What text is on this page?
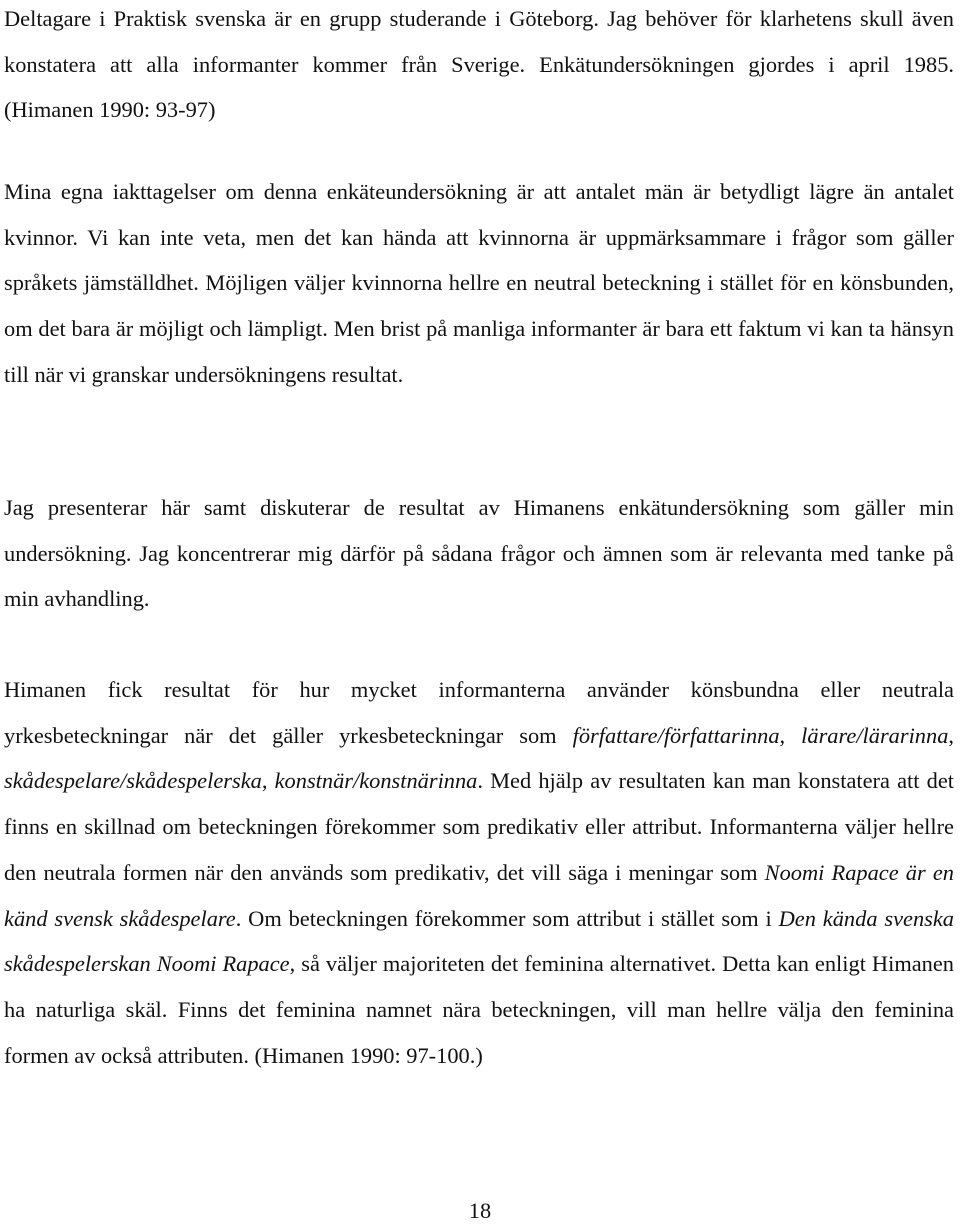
Deltagare i Praktisk svenska är en grupp studerande i Göteborg. Jag behöver för klarhetens skull även konstatera att alla informanter kommer från Sverige. Enkätundersökningen gjordes i april 1985. (Himanen 1990: 93-97)

Mina egna iakttagelser om denna enkäteundersökning är att antalet män är betydligt lägre än antalet kvinnor. Vi kan inte veta, men det kan hända att kvinnorna är uppmärksammare i frågor som gäller språkets jämställdhet. Möjligen väljer kvinnorna hellre en neutral beteckning i stället för en könsbunden, om det bara är möjligt och lämpligt. Men brist på manliga informanter är bara ett faktum vi kan ta hänsyn till när vi granskar undersökningens resultat.

Jag presenterar här samt diskuterar de resultat av Himanens enkätundersökning som gäller min undersökning. Jag koncentrerar mig därför på sådana frågor och ämnen som är relevanta med tanke på min avhandling.

Himanen fick resultat för hur mycket informanterna använder könsbundna eller neutrala yrkesbeteckningar när det gäller yrkesbeteckningar som författare/författarinna, lärare/lärarinna, skådespelare/skådespelerska, konstnär/konstnärinna. Med hjälp av resultaten kan man konstatera att det finns en skillnad om beteckningen förekommer som predikativ eller attribut. Informanterna väljer hellre den neutrala formen när den används som predikativ, det vill säga i meningar som Noomi Rapace är en känd svensk skådespelare. Om beteckningen förekommer som attribut i stället som i Den kända svenska skådespelerskan Noomi Rapace, så väljer majoriteten det feminina alternativet. Detta kan enligt Himanen ha naturliga skäl. Finns det feminina namnet nära beteckningen, vill man hellre välja den feminina formen av också attributen. (Himanen 1990: 97-100.)

18
